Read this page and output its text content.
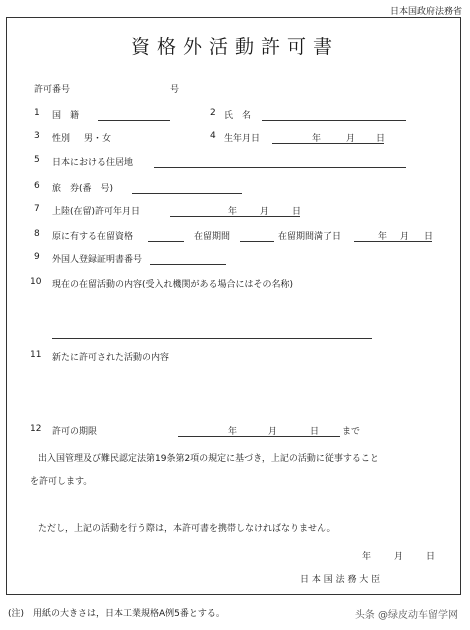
日本国政府法務省
資格外活動許可書
許可番号	号
1 国　籍	2 氏　名
3 性別 男・女	4 生年月日	年	月 日
5 日本における住居地
6 旅　券(番　号)
7 上陸(在留)許可年月日	年	月	日
8 原に有する在留資格	在留期間	在留期間満了日	年 月 日
9 外国人登録証明書番号
10 現在の在留活動の内容(受入れ機関がある場合にはその名称)
11 新たに許可された活動の内容
12 許可の期限	年	月	日	まで
出入国管理及び難民認定法第19条第2項の規定に基づき，上記の活動に従事すること
を許可します。
ただし，上記の活動を行う際は，本許可書を携帯しなければなりません。
年	月	日
日 本 国 法 務 大 臣
(注)　用紙の大きさは，日本工業規格A例5番とする。	头条 @绿皮动车留学网
